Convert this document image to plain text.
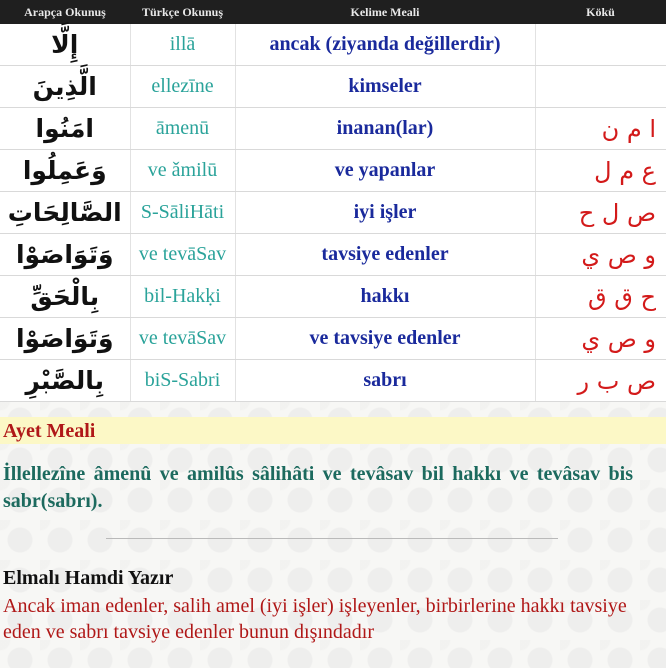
Arapça Okunuş	Türkçe Okunuş	Kelime Meali	Kökü
إِلَّا	illā	ancak (ziyanda değillerdir)	
الَّذِينَ	ellezīne	kimseler	
امَنُوا	āmenū	inanan(lar)	ا م ن
وَعَمِلُوا	ve ǎmilū	ve yapanlar	ع م ل
الصَّالِحَاتِ	S-SāliHāti	iyi işler	ص ل ح
وَتَوَاصَوْا	ve tevāSav	tavsiye edenler	و ص ي
بِالْحَقِّ	bil-Hakḳi	hakkı	ح ق ق
وَتَوَاصَوْا	ve tevāSav	ve tavsiye edenler	و ص ي
بِالصَّبْرِ	biS-Sabri	sabrı	ص ب ر
Ayet Meali
İllellezîne âmenû ve amilûs sâlihâti ve tevâsav bil hakkı ve tevâsav bis sabr(sabrı).
Elmalı Hamdi Yazır
Ancak iman edenler, salih amel (iyi işler) işleyenler, birbirlerine hakkı tavsiye eden ve sabrı tavsiye edenler bunun dışındadır
